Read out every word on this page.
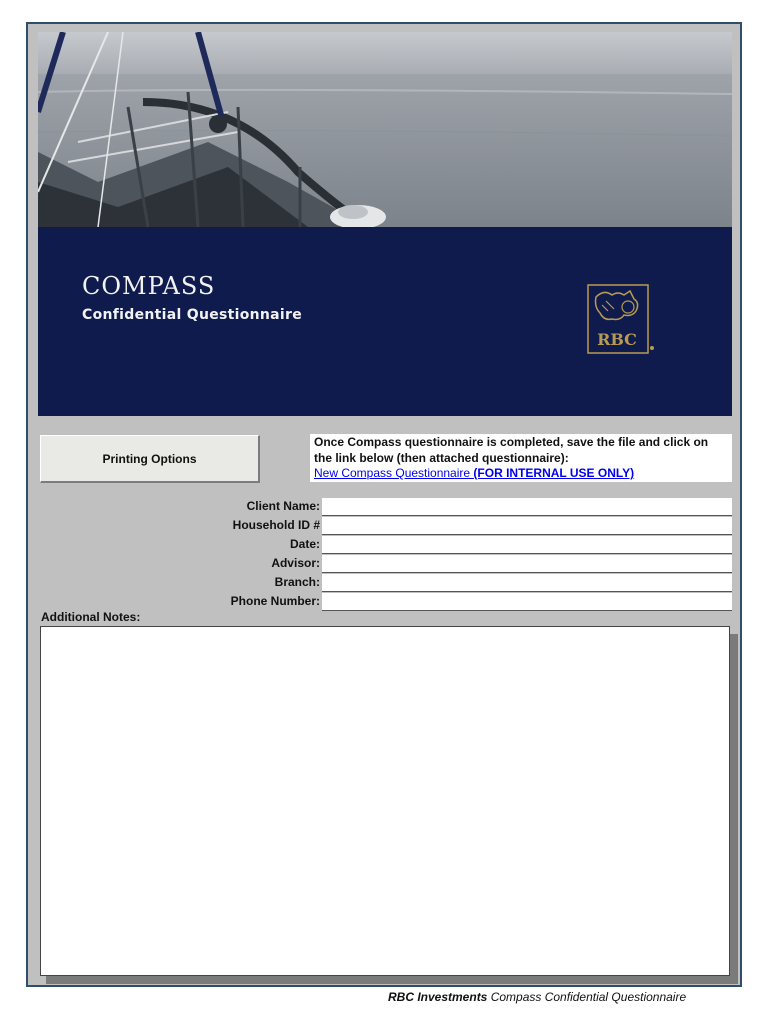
COMPASS
Confidential Questionnaire
RBC
Printing Options
Once Compass questionnaire is completed, save the file and click on the link below (then attached questionnaire):
New Compass Questionnaire (FOR INTERNAL USE ONLY)
Client Name:
Household ID #
Date:
Advisor:
Branch:
Phone Number:
Additional Notes:
RBC Investments Compass Confidential Questionnaire
